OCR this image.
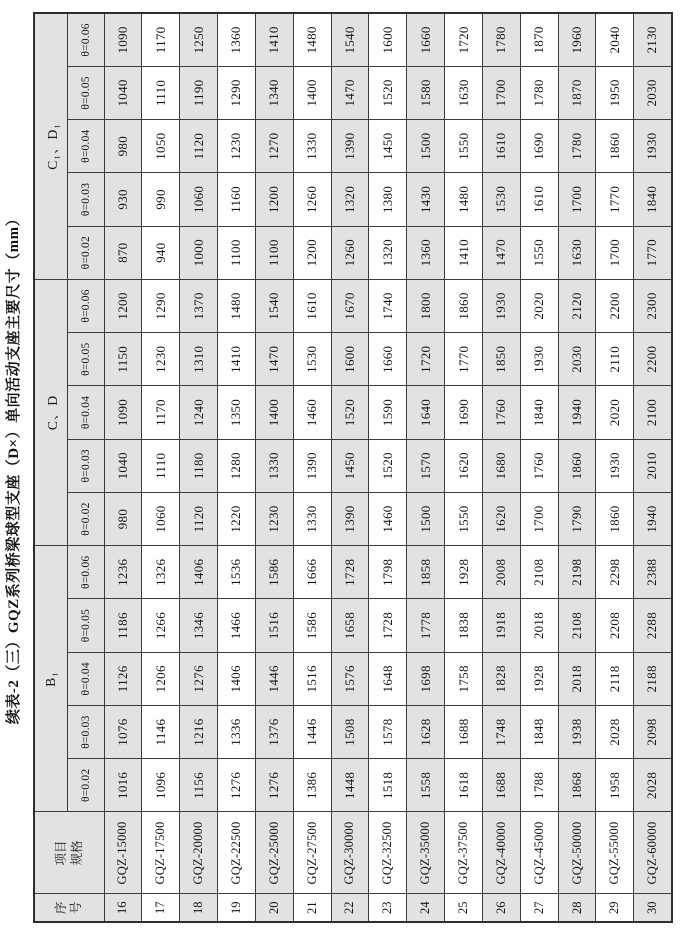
续表-2（三）GQZ系列桥梁球型支座（D×）单向活动支座主要尺寸（mm）
序号	项目 规格	B₁					C、D					C₁、D₁				
		θ=0.02	θ=0.03	θ=0.04	θ=0.05	θ=0.06	θ=0.02	θ=0.03	θ=0.04	θ=0.05	θ=0.06	θ=0.02	θ=0.03	θ=0.04	θ=0.05	θ=0.06
16	GQZ-15000	1016	1076	1126	1186	1236	980	1040	1090	1150	1200	870	930	980	1040	1090
17	GQZ-17500	1096	1146	1206	1266	1326	1060	1110	1170	1230	1290	940	990	1050	1110	1170
18	GQZ-20000	1156	1216	1276	1346	1406	1120	1180	1240	1310	1370	1000	1060	1120	1190	1250
19	GQZ-22500	1276	1336	1406	1466	1536	1220	1280	1350	1410	1480	1100	1160	1230	1290	1360
20	GQZ-25000	1276	1376	1446	1516	1586	1230	1330	1400	1470	1540	1100	1200	1270	1340	1410
21	GQZ-27500	1386	1446	1516	1586	1666	1330	1390	1460	1530	1610	1200	1260	1330	1400	1480
22	GQZ-30000	1448	1508	1576	1658	1728	1390	1450	1520	1600	1670	1260	1320	1390	1470	1540
23	GQZ-32500	1518	1578	1648	1728	1798	1460	1520	1590	1660	1740	1320	1380	1450	1520	1600
24	GQZ-35000	1558	1628	1698	1778	1858	1500	1570	1640	1720	1800	1360	1430	1500	1580	1660
25	GQZ-37500	1618	1688	1758	1838	1928	1550	1620	1690	1770	1860	1410	1480	1550	1630	1720
26	GQZ-40000	1688	1748	1828	1918	2008	1620	1680	1760	1850	1930	1470	1530	1610	1700	1780
27	GQZ-45000	1788	1848	1928	2018	2108	1700	1760	1840	1930	2020	1550	1610	1690	1780	1870
28	GQZ-50000	1868	1938	2018	2108	2198	1790	1860	1940	2030	2120	1630	1700	1780	1870	1960
29	GQZ-55000	1958	2028	2118	2208	2298	1860	1930	2020	2110	2200	1700	1770	1860	1950	2040
30	GQZ-60000	2028	2098	2188	2288	2388	1940	2010	2100	2200	2300	1770	1840	1930	2030	2130
